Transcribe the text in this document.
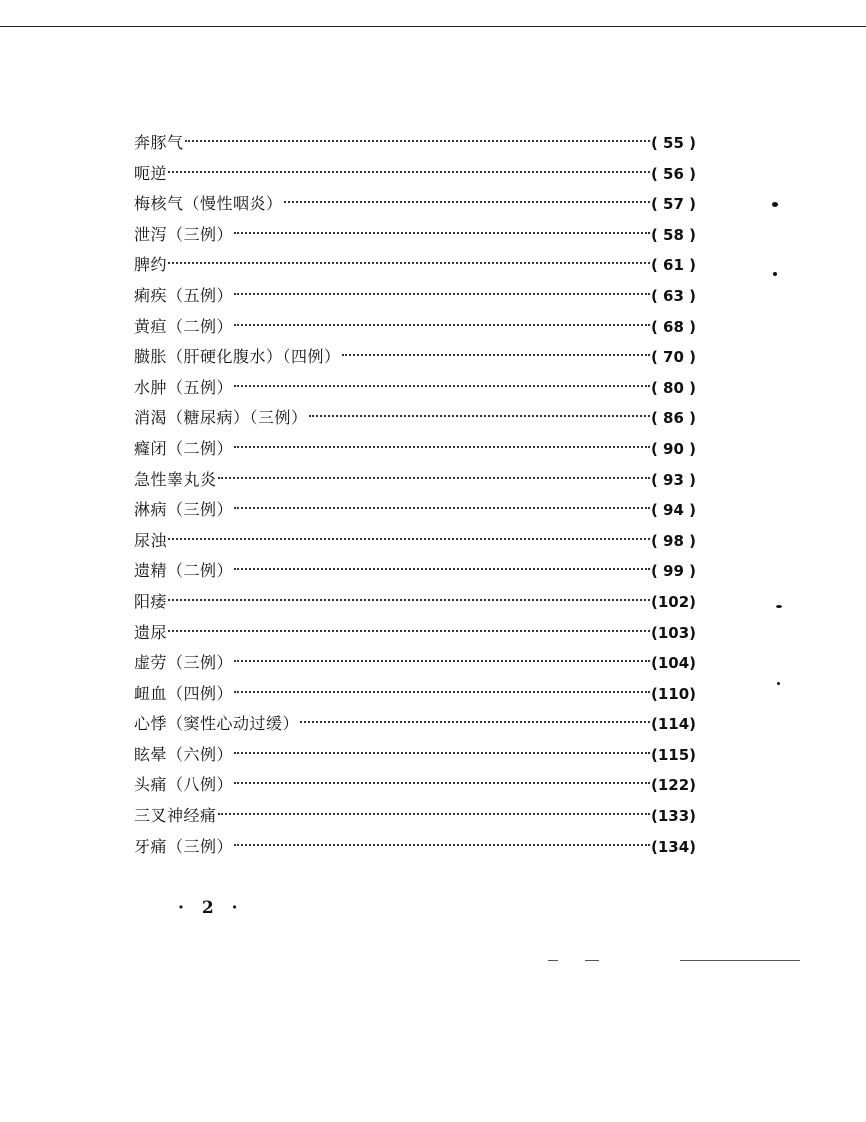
奔豚气	( 55 )
呃逆	( 56 )
梅核气（慢性咽炎）	( 57 )
泄泻（三例）	( 58 )
脾约	( 61 )
痢疾（五例）	( 63 )
黄疸（二例）	( 68 )
臌胀（肝硬化腹水）（四例）	( 70 )
水肿（五例）	( 80 )
消渴（糖尿病）（三例）	( 86 )
癃闭（二例）	( 90 )
急性睾丸炎	( 93 )
淋病（三例）	( 94 )
尿浊	( 98 )
遗精（二例）	( 99 )
阳痿	(102)
遗尿	(103)
虚劳（三例）	(104)
衄血（四例）	(110)
心悸（窦性心动过缓）	(114)
眩晕（六例）	(115)
头痛（八例）	(122)
三叉神经痛	(133)
牙痛（三例）	(134)
· 2 ·
